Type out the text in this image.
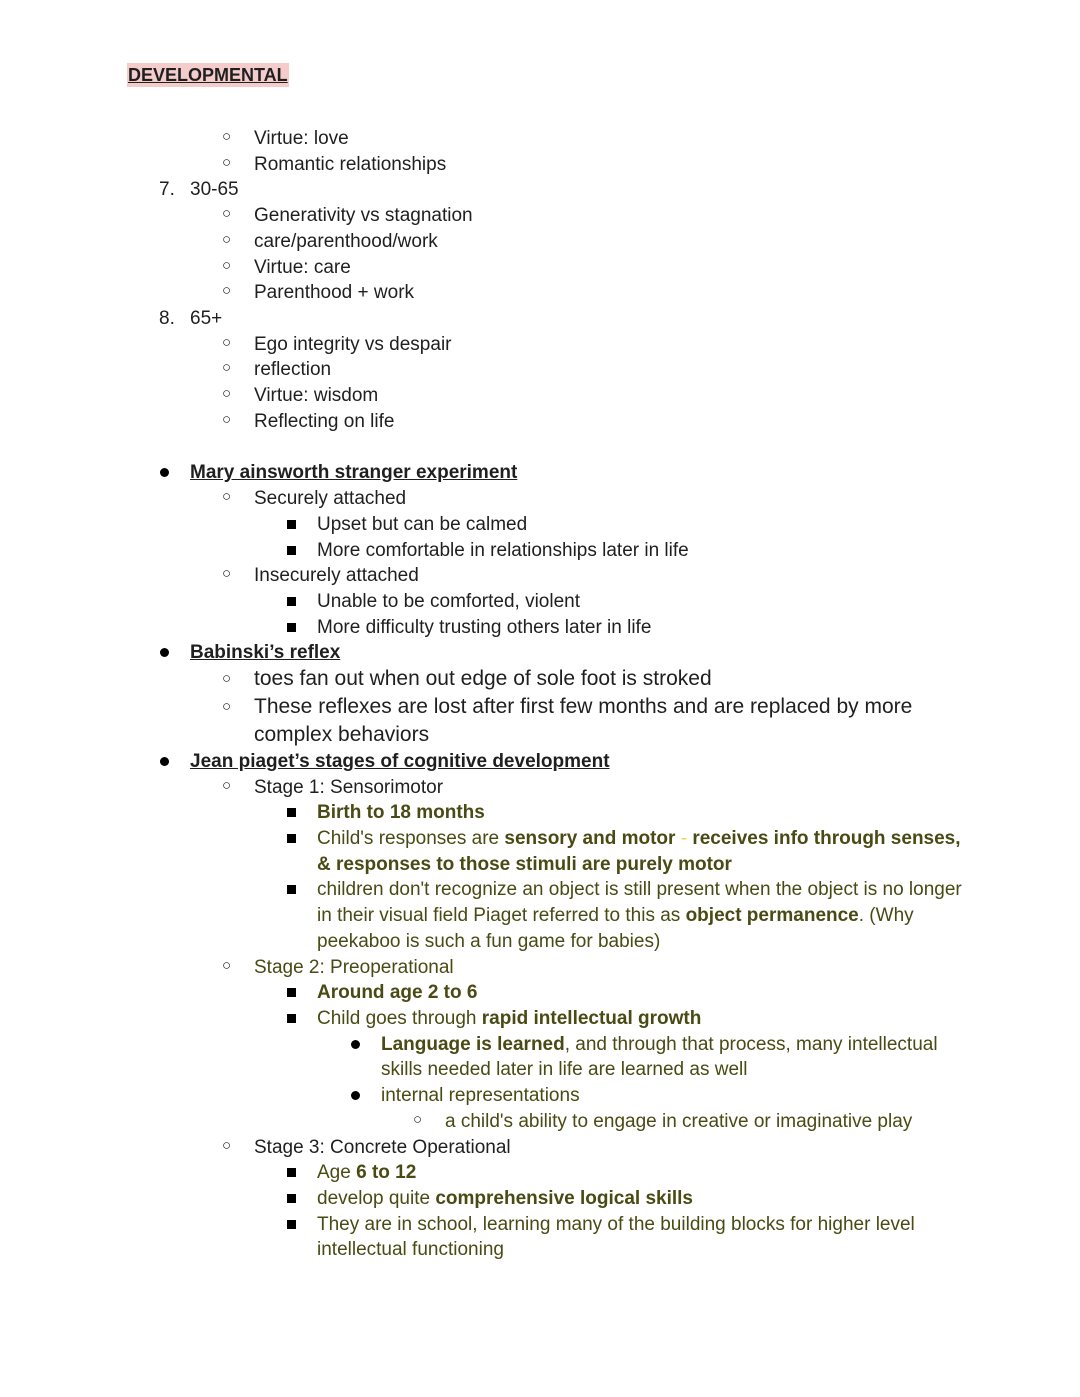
DEVELOPMENTAL
○ Virtue: love
○ Romantic relationships
7. 30-65
○ Generativity vs stagnation
○ care/parenthood/work
○ Virtue: care
○ Parenthood + work
8. 65+
○ Ego integrity vs despair
○ reflection
○ Virtue: wisdom
○ Reflecting on life
Mary ainsworth stranger experiment
○ Securely attached
Upset but can be calmed
More comfortable in relationships later in life
○ Insecurely attached
Unable to be comforted, violent
More difficulty trusting others later in life
Babinski’s reflex
○ toes fan out when out edge of sole foot is stroked
○ These reflexes are lost after first few months and are replaced by more
complex behaviors
Jean piaget’s stages of cognitive development
○ Stage 1: Sensorimotor
Birth to 18 months
Child's responses are sensory and motor - receives info through senses,
& responses to those stimuli are purely motor
children don't recognize an object is still present when the object is no longer
in their visual field Piaget referred to this as object permanence. (Why
peekaboo is such a fun game for babies)
○ Stage 2: Preoperational
Around age 2 to 6
Child goes through rapid intellectual growth
Language is learned, and through that process, many intellectual
skills needed later in life are learned as well
internal representations
○ a child's ability to engage in creative or imaginative play
○ Stage 3: Concrete Operational
Age 6 to 12
develop quite comprehensive logical skills
They are in school, learning many of the building blocks for higher level
intellectual functioning
